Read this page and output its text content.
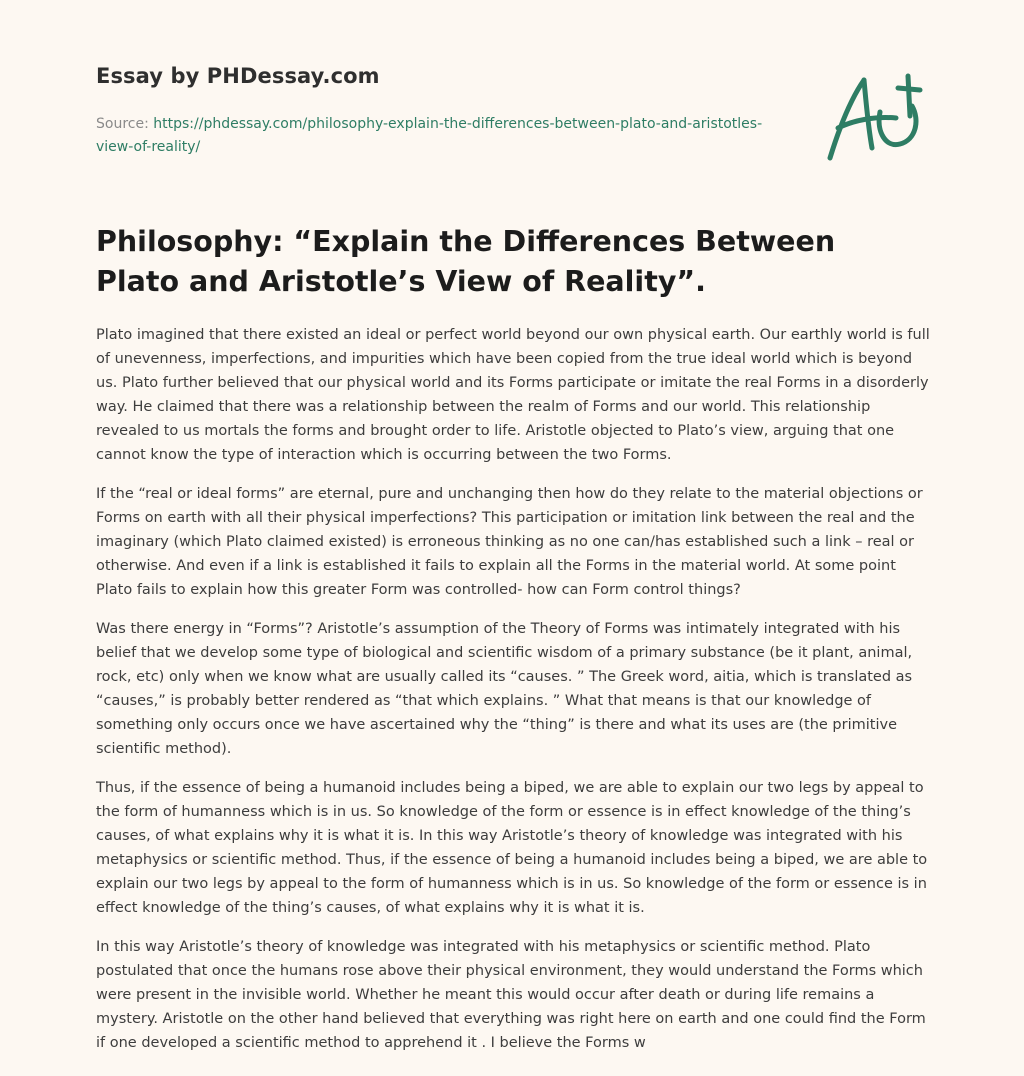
Essay by PHDessay.com
Source: https://phdessay.com/philosophy-explain-the-differences-between-plato-and-aristotles-view-of-reality/
Philosophy: “Explain the Differences Between Plato and Aristotle’s View of Reality”.

Plato imagined that there existed an ideal or perfect world beyond our own physical earth. Our earthly world is full of unevenness, imperfections, and impurities which have been copied from the true ideal world which is beyond us. Plato further believed that our physical world and its Forms participate or imitate the real Forms in a disorderly way. He claimed that there was a relationship between the realm of Forms and our world. This relationship revealed to us mortals the forms and brought order to life. Aristotle objected to Plato’s view, arguing that one cannot know the type of interaction which is occurring between the two Forms.

If the “real or ideal forms” are eternal, pure and unchanging then how do they relate to the material objections or Forms on earth with all their physical imperfections? This participation or imitation link between the real and the imaginary (which Plato claimed existed) is erroneous thinking as no one can/has established such a link – real or otherwise. And even if a link is established it fails to explain all the Forms in the material world. At some point Plato fails to explain how this greater Form was controlled- how can Form control things?

Was there energy in “Forms”? Aristotle’s assumption of the Theory of Forms was intimately integrated with his belief that we develop some type of biological and scientific wisdom of a primary substance (be it plant, animal, rock, etc) only when we know what are usually called its “causes. ” The Greek word, aitia, which is translated as “causes,” is probably better rendered as “that which explains. ” What that means is that our knowledge of something only occurs once we have ascertained why the “thing” is there and what its uses are (the primitive scientific method).

Thus, if the essence of being a humanoid includes being a biped, we are able to explain our two legs by appeal to the form of humanness which is in us. So knowledge of the form or essence is in effect knowledge of the thing’s causes, of what explains why it is what it is. In this way Aristotle’s theory of knowledge was integrated with his metaphysics or scientific method. Thus, if the essence of being a humanoid includes being a biped, we are able to explain our two legs by appeal to the form of humanness which is in us. So knowledge of the form or essence is in effect knowledge of the thing’s causes, of what explains why it is what it is.

In this way Aristotle’s theory of knowledge was integrated with his metaphysics or scientific method. Plato postulated that once the humans rose above their physical environment, they would understand the Forms which were present in the invisible world. Whether he meant this would occur after death or during life remains a mystery. Aristotle on the other hand believed that everything was right here on earth and one could find the Form if one developed a scientific method to apprehend it . I believe the Forms w
